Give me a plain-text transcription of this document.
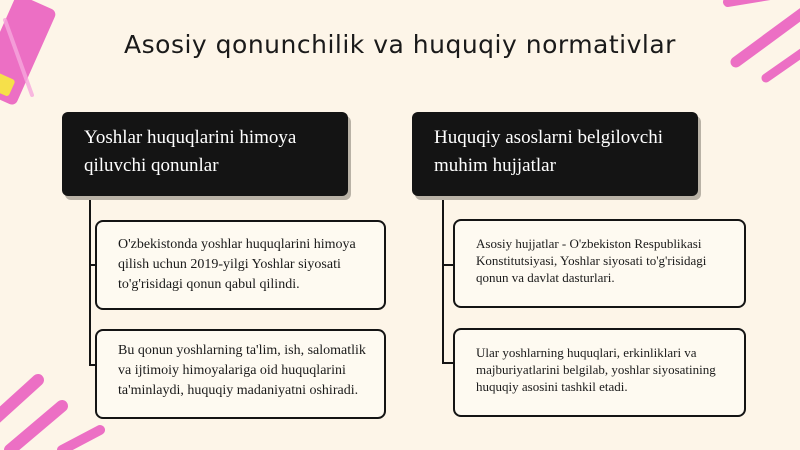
Asosiy qonunchilik va huquqiy normativlar
Yoshlar huquqlarini himoya qiluvchi qonunlar
O'zbekistonda yoshlar huquqlarini himoya qilish uchun 2019-yilgi Yoshlar siyosati to'g'risidagi qonun qabul qilindi.
Bu qonun yoshlarning ta'lim, ish, salomatlik va ijtimoiy himoyalariga oid huquqlarini ta'minlaydi, huquqiy madaniyatni oshiradi.
Huquqiy asoslarni belgilovchi muhim hujjatlar
Asosiy hujjatlar - O'zbekiston Respublikasi Konstitutsiyasi, Yoshlar siyosati to'g'risidagi qonun va davlat dasturlari.
Ular yoshlarning huquqlari, erkinliklari va majburiyatlarini belgilab, yoshlar siyosatining huquqiy asosini tashkil etadi.
